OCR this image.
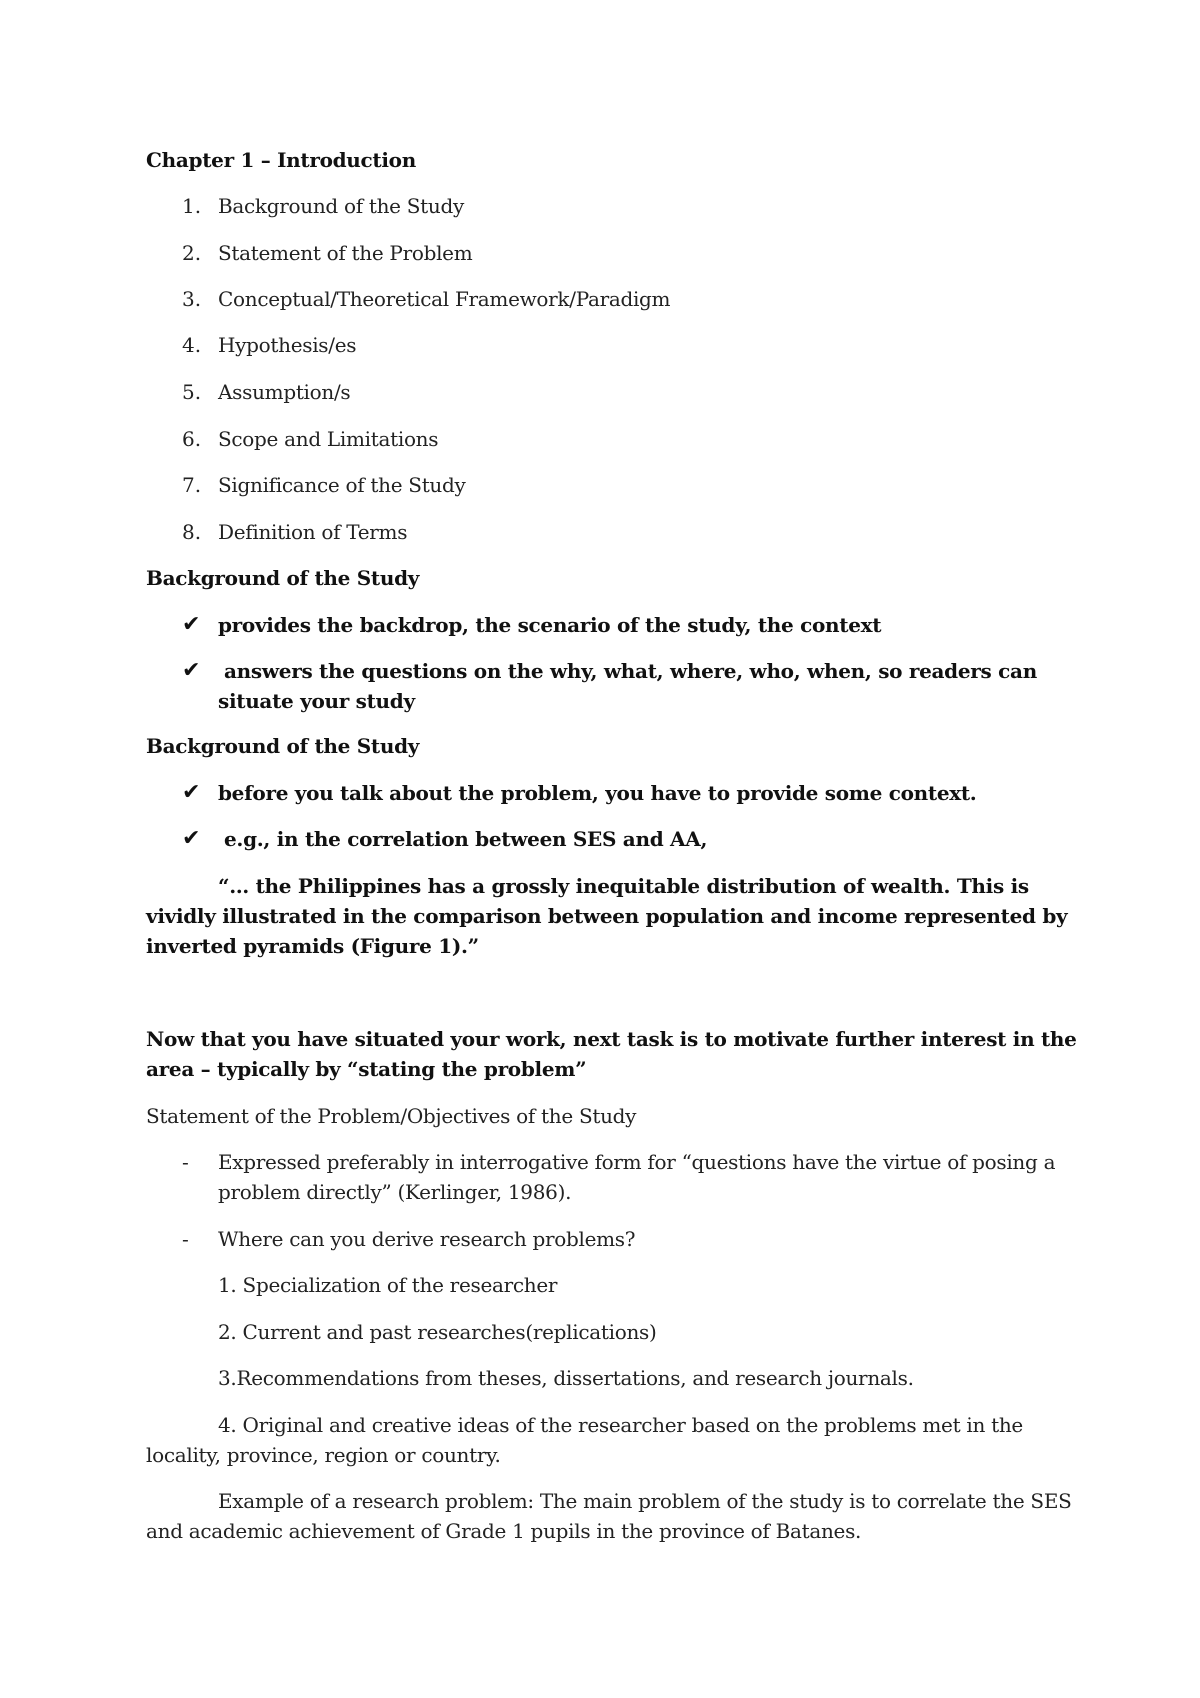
Chapter 1 – Introduction
1. Background of the Study
2. Statement of the Problem
3. Conceptual/Theoretical Framework/Paradigm
4. Hypothesis/es
5. Assumption/s
6. Scope and Limitations
7. Significance of the Study
8. Definition of Terms
Background of the Study
✔ provides the backdrop, the scenario of the study, the context
✔ answers the questions on the why, what, where, who, when, so readers can
situate your study
Background of the Study
✔ before you talk about the problem, you have to provide some context.
✔ e.g., in the correlation between SES and AA,
“… the Philippines has a grossly inequitable distribution of wealth. This is
vividly illustrated in the comparison between population and income represented by
inverted pyramids (Figure 1).”
Now that you have situated your work, next task is to motivate further interest in the
area – typically by “stating the problem”
Statement of the Problem/Objectives of the Study
- Expressed preferably in interrogative form for “questions have the virtue of posing a
problem directly” (Kerlinger, 1986).
- Where can you derive research problems?
1. Specialization of the researcher
2. Current and past researches(replications)
3.Recommendations from theses, dissertations, and research journals.
4. Original and creative ideas of the researcher based on the problems met in the
locality, province, region or country.
Example of a research problem: The main problem of the study is to correlate the SES
and academic achievement of Grade 1 pupils in the province of Batanes.
